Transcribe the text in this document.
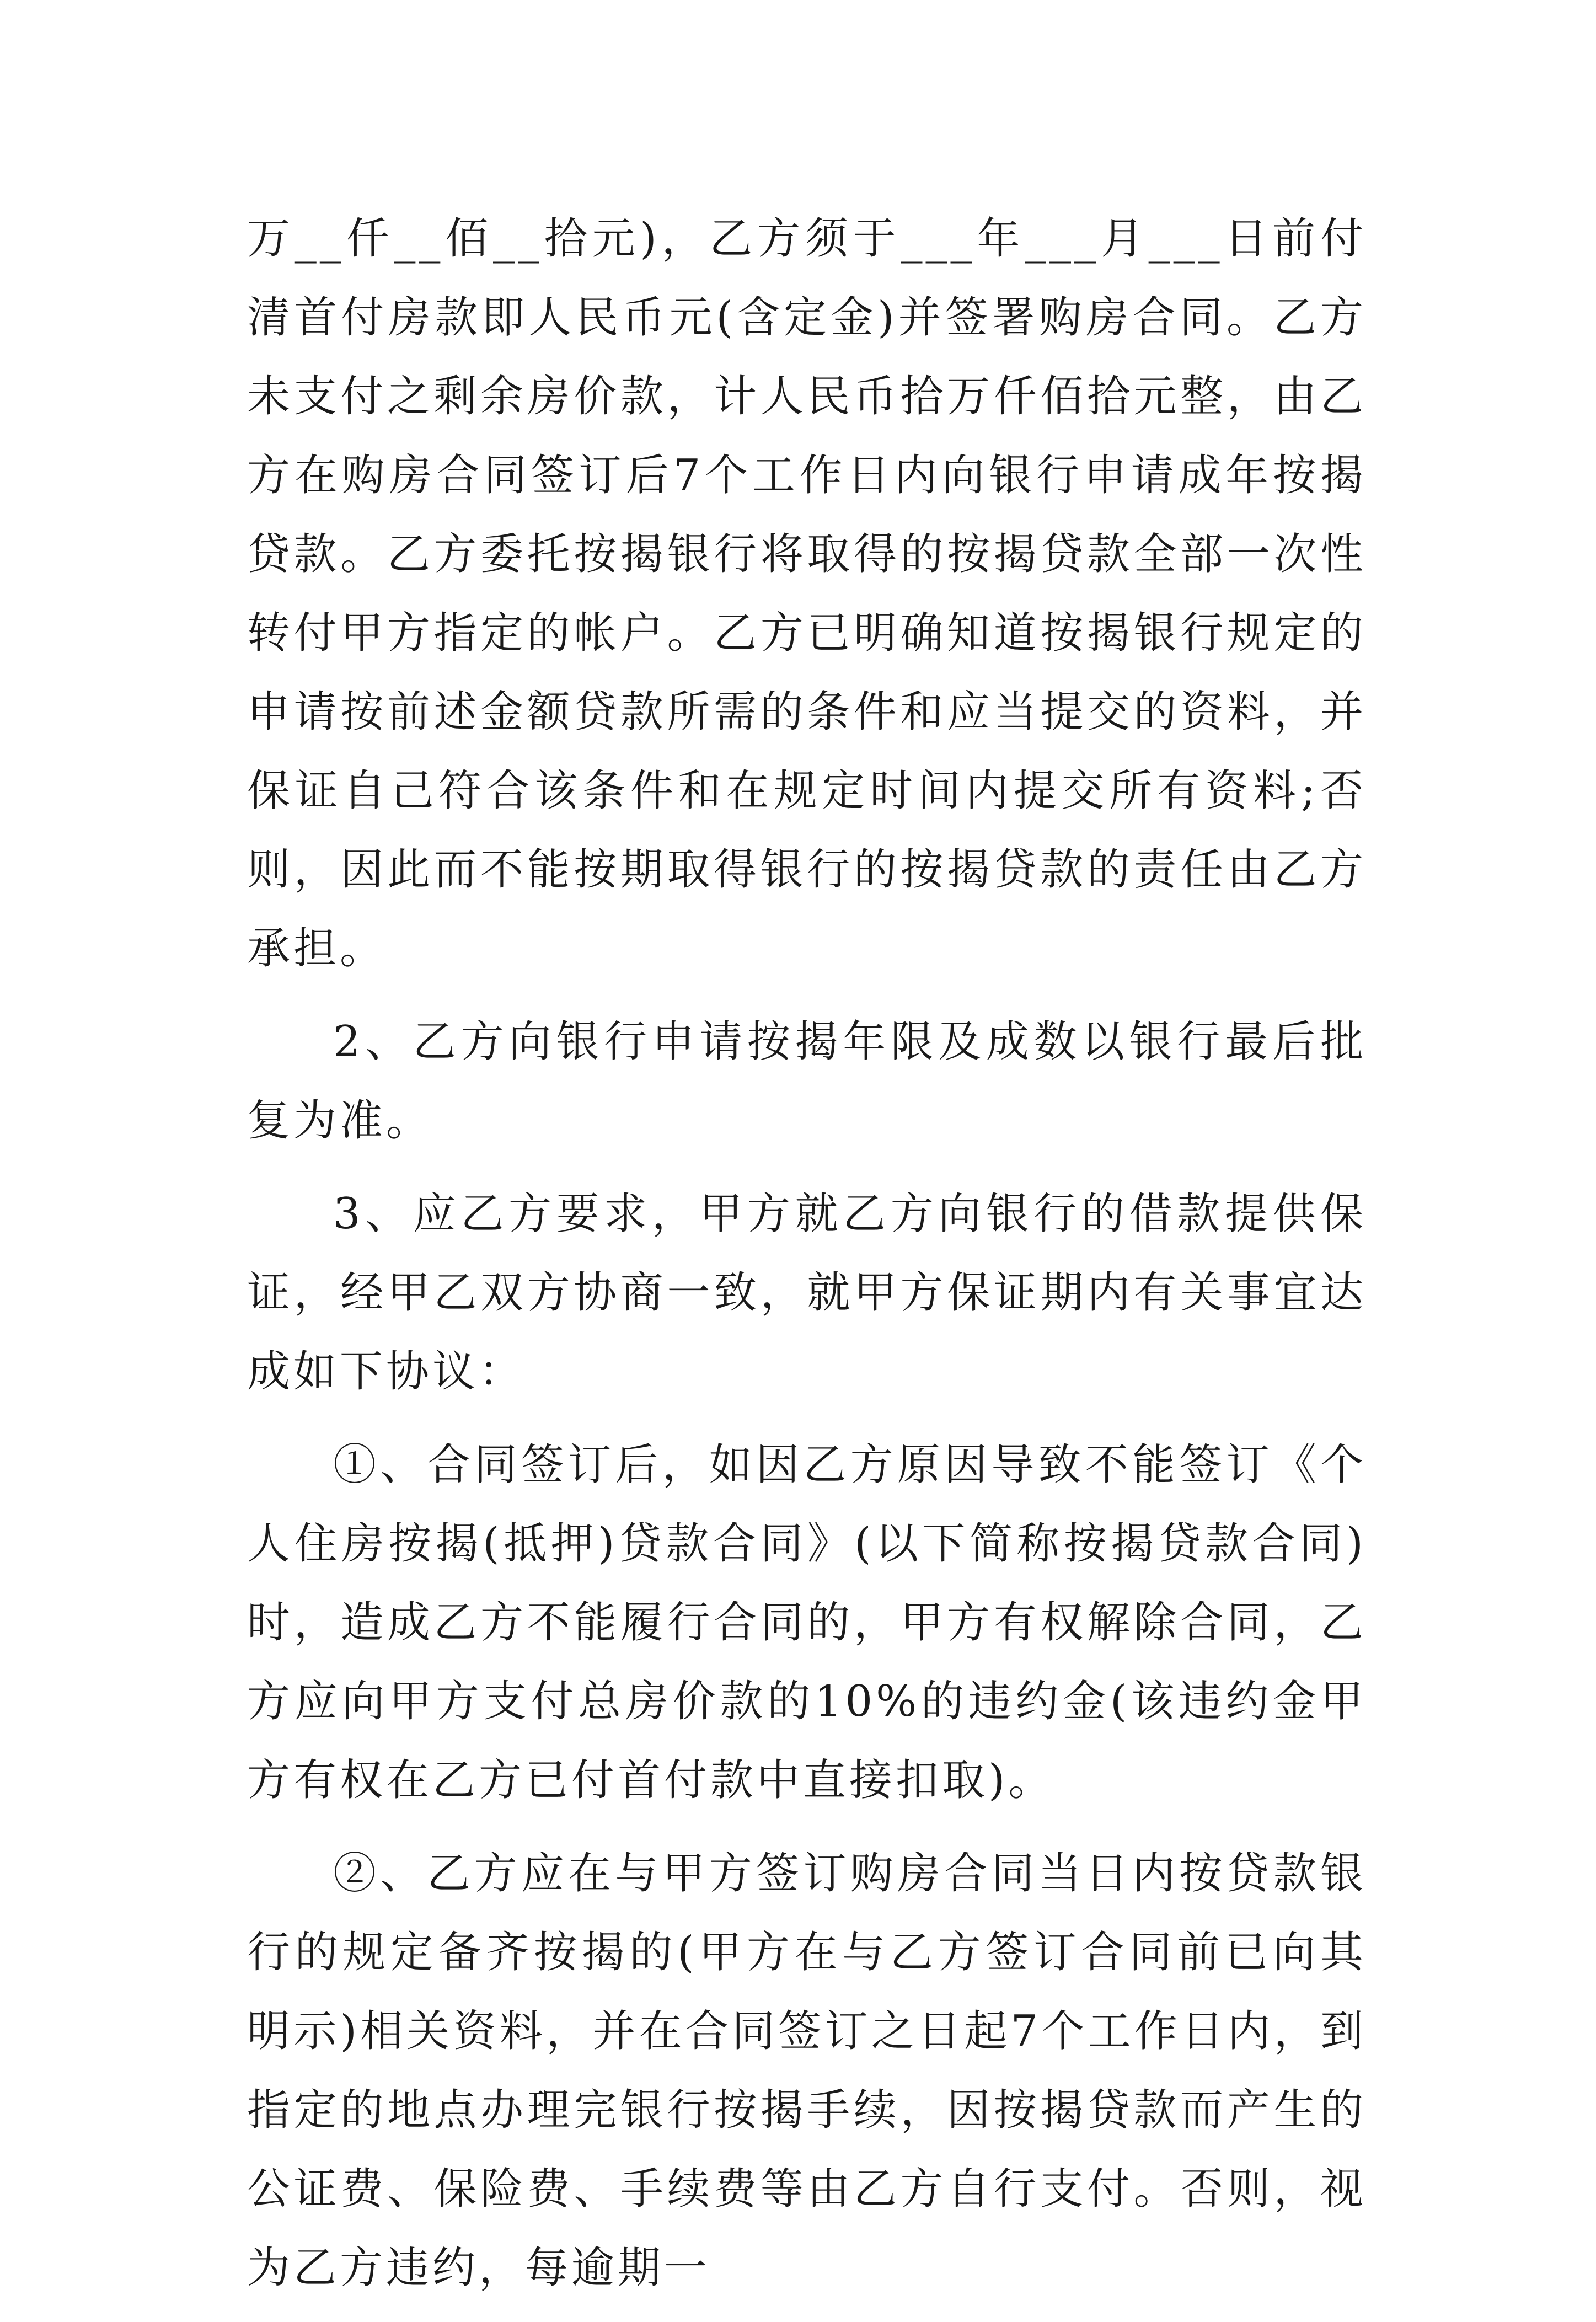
万__仟__佰__拾元)，乙方须于___年___月___日前付清首付房款即人民币元(含定金)并签署购房合同。乙方未支付之剩余房价款，计人民币拾万仟佰拾元整，由乙方在购房合同签订后7个工作日内向银行申请成年按揭贷款。乙方委托按揭银行将取得的按揭贷款全部一次性转付甲方指定的帐户。乙方已明确知道按揭银行规定的申请按前述金额贷款所需的条件和应当提交的资料，并保证自己符合该条件和在规定时间内提交所有资料;否则，因此而不能按期取得银行的按揭贷款的责任由乙方承担。

2、乙方向银行申请按揭年限及成数以银行最后批复为准。

3、应乙方要求，甲方就乙方向银行的借款提供保证，经甲乙双方协商一致，就甲方保证期内有关事宜达成如下协议：

①、合同签订后，如因乙方原因导致不能签订《个人住房按揭(抵押)贷款合同》(以下简称按揭贷款合同)时，造成乙方不能履行合同的，甲方有权解除合同，乙方应向甲方支付总房价款的10%的违约金(该违约金甲方有权在乙方已付首付款中直接扣取)。

②、乙方应在与甲方签订购房合同当日内按贷款银行的规定备齐按揭的(甲方在与乙方签订合同前已向其明示)相关资料，并在合同签订之日起7个工作日内，到指定的地点办理完银行按揭手续，因按揭贷款而产生的公证费、保险费、手续费等由乙方自行支付。否则，视为乙方违约，每逾期一
